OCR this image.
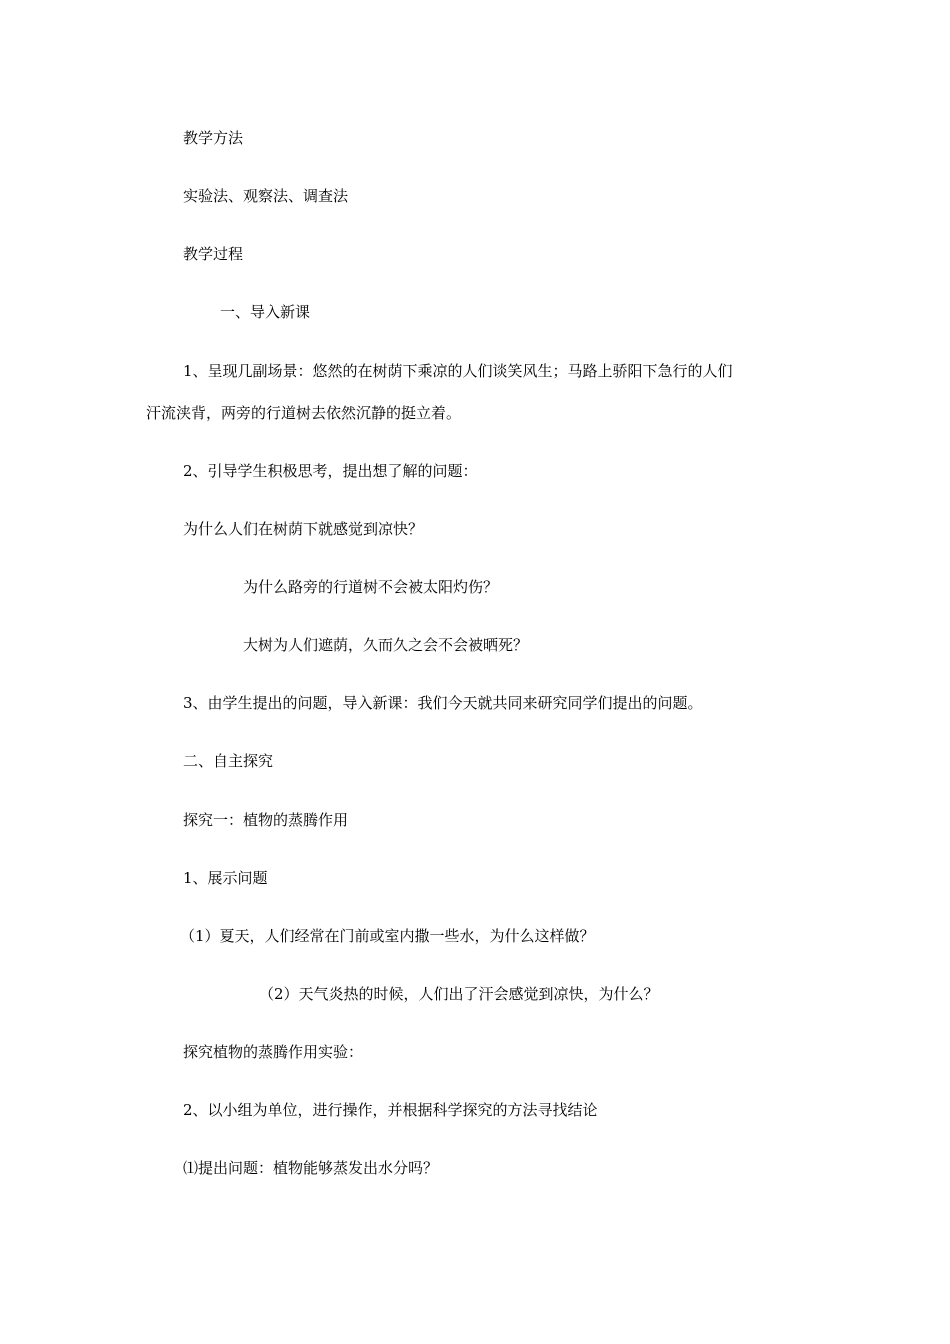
教学方法
实验法、观察法、调查法
教学过程
一、导入新课
1、呈现几副场景：悠然的在树荫下乘凉的人们谈笑风生；马路上骄阳下急行的人们
汗流浃背，两旁的行道树去依然沉静的挺立着。
2、引导学生积极思考，提出想了解的问题：
为什么人们在树荫下就感觉到凉快？
为什么路旁的行道树不会被太阳灼伤？
大树为人们遮荫，久而久之会不会被晒死？
3、由学生提出的问题，导入新课：我们今天就共同来研究同学们提出的问题。
二、自主探究
探究一：植物的蒸腾作用
1、展示问题
（1）夏天，人们经常在门前或室内撒一些水，为什么这样做？
（2）天气炎热的时候，人们出了汗会感觉到凉快，为什么？
探究植物的蒸腾作用实验：
2、以小组为单位，进行操作，并根据科学探究的方法寻找结论
⑴提出问题：植物能够蒸发出水分吗？
